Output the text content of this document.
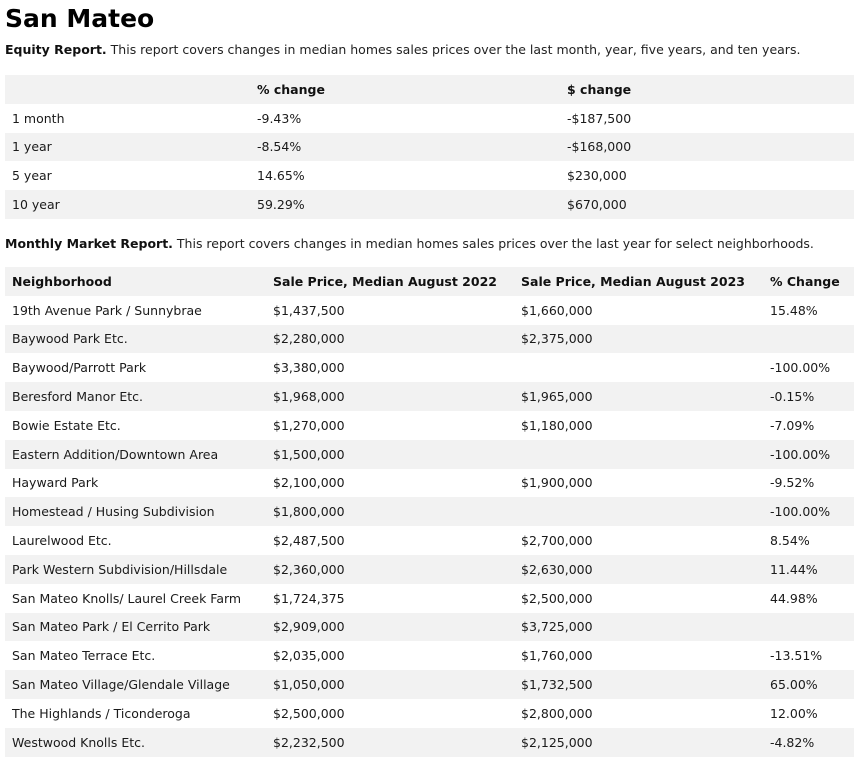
San Mateo

Equity Report. This report covers changes in median homes sales prices over the last month, year, five years, and ten years.

	% change	$ change
1 month	-9.43%	-$187,500
1 year	-8.54%	-$168,000
5 year	14.65%	$230,000
10 year	59.29%	$670,000

Monthly Market Report. This report covers changes in median homes sales prices over the last year for select neighborhoods.

Neighborhood	Sale Price, Median August 2022	Sale Price, Median August 2023	% Change
19th Avenue Park / Sunnybrae	$1,437,500	$1,660,000	15.48%
Baywood Park Etc.	$2,280,000	$2,375,000	
Baywood/Parrott Park	$3,380,000		-100.00%
Beresford Manor Etc.	$1,968,000	$1,965,000	-0.15%
Bowie Estate Etc.	$1,270,000	$1,180,000	-7.09%
Eastern Addition/Downtown Area	$1,500,000		-100.00%
Hayward Park	$2,100,000	$1,900,000	-9.52%
Homestead / Husing Subdivision	$1,800,000		-100.00%
Laurelwood Etc.	$2,487,500	$2,700,000	8.54%
Park Western Subdivision/Hillsdale	$2,360,000	$2,630,000	11.44%
San Mateo Knolls/ Laurel Creek Farm	$1,724,375	$2,500,000	44.98%
San Mateo Park / El Cerrito Park	$2,909,000	$3,725,000	
San Mateo Terrace Etc.	$2,035,000	$1,760,000	-13.51%
San Mateo Village/Glendale Village	$1,050,000	$1,732,500	65.00%
The Highlands / Ticonderoga	$2,500,000	$2,800,000	12.00%
Westwood Knolls Etc.	$2,232,500	$2,125,000	-4.82%
